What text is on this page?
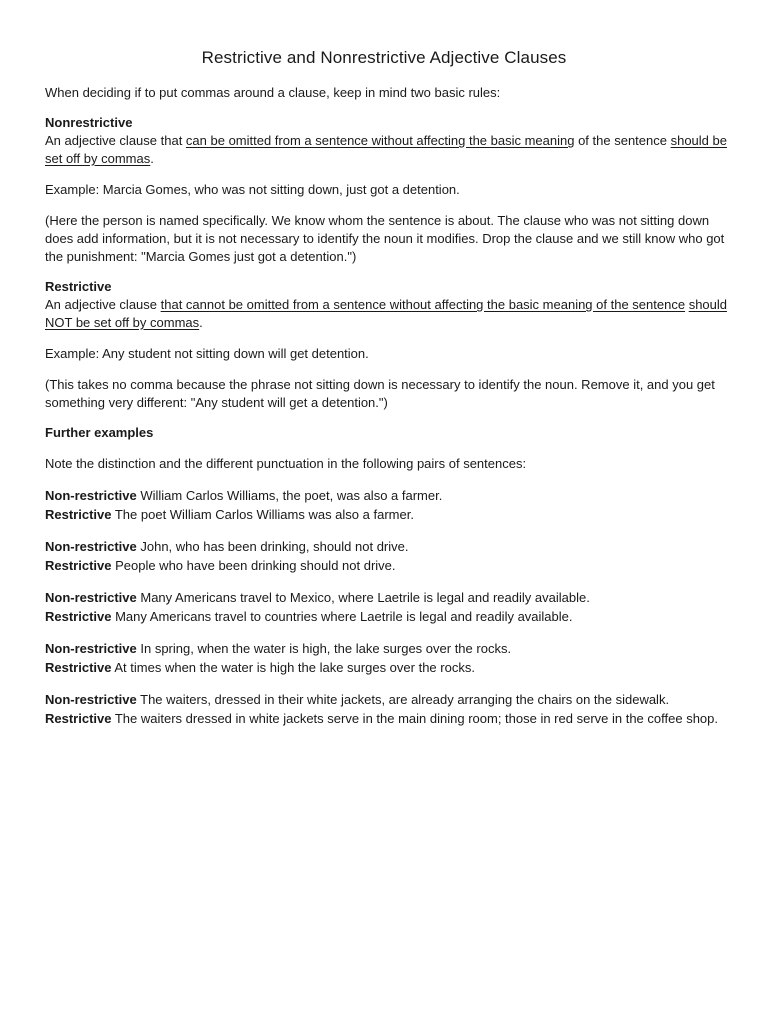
Restrictive and Nonrestrictive Adjective Clauses

When deciding if to put commas around a clause, keep in mind two basic rules:

Nonrestrictive

An adjective clause that can be omitted from a sentence without affecting the basic meaning of the sentence should be set off by commas.

Example: Marcia Gomes, who was not sitting down, just got a detention.

(Here the person is named specifically. We know whom the sentence is about. The clause who was not sitting down does add information, but it is not necessary to identify the noun it modifies. Drop the clause and we still know who got the punishment: "Marcia Gomes just got a detention.")

Restrictive

An adjective clause that cannot be omitted from a sentence without affecting the basic meaning of the sentence should NOT be set off by commas.

Example: Any student not sitting down will get detention.

(This takes no comma because the phrase not sitting down is necessary to identify the noun. Remove it, and you get something very different: "Any student will get a detention.")

Further examples

Note the distinction and the different punctuation in the following pairs of sentences:

Non-restrictive William Carlos Williams, the poet, was also a farmer.

Restrictive The poet William Carlos Williams was also a farmer.

Non-restrictive John, who has been drinking, should not drive.

Restrictive People who have been drinking should not drive.

Non-restrictive Many Americans travel to Mexico, where Laetrile is legal and readily available.

Restrictive Many Americans travel to countries where Laetrile is legal and readily available.

Non-restrictive In spring, when the water is high, the lake surges over the rocks.

Restrictive At times when the water is high the lake surges over the rocks.

Non-restrictive The waiters, dressed in their white jackets, are already arranging the chairs on the sidewalk.

Restrictive The waiters dressed in white jackets serve in the main dining room; those in red serve in the coffee shop.
